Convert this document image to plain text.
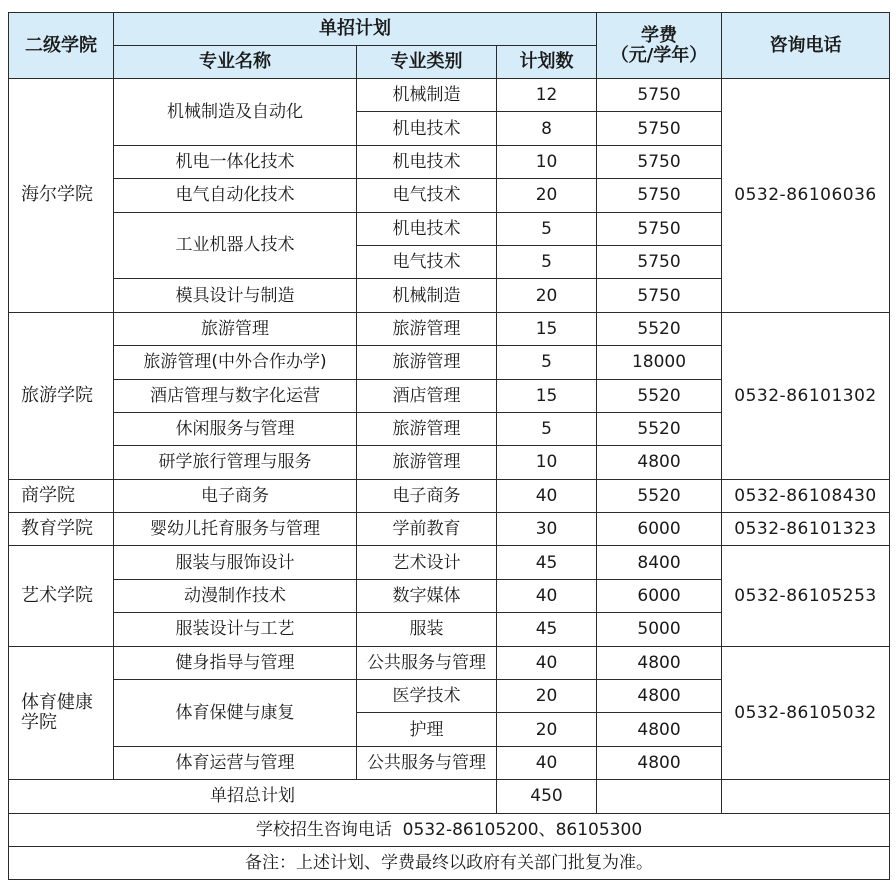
二级学院	单招计划			学费
（元/学年）	咨询电话
	专业名称	专业类别	计划数		
海尔学院	机械制造及自动化	机械制造	12	5750	0532-86106036
		机电技术	8	5750	
	机电一体化技术	机电技术	10	5750	
	电气自动化技术	电气技术	20	5750	
	工业机器人技术	机电技术	5	5750	
		电气技术	5	5750	
	模具设计与制造	机械制造	20	5750	
旅游学院	旅游管理	旅游管理	15	5520	0532-86101302
	旅游管理(中外合作办学)	旅游管理	5	18000	
	酒店管理与数字化运营	酒店管理	15	5520	
	休闲服务与管理	旅游管理	5	5520	
	研学旅行管理与服务	旅游管理	10	4800	
商学院	电子商务	电子商务	40	5520	0532-86108430
教育学院	婴幼儿托育服务与管理	学前教育	30	6000	0532-86101323
艺术学院	服装与服饰设计	艺术设计	45	8400	0532-86105253
	动漫制作技术	数字媒体	40	6000	
	服装设计与工艺	服装	45	5000	
体育健康
学院	健身指导与管理	公共服务与管理	40	4800	0532-86105032
	体育保健与康复	医学技术	20	4800	
		护理	20	4800	
	体育运营与管理	公共服务与管理	40	4800	
单招总计划			450		
学校招生咨询电话  0532-86105200、86105300					
备注：上述计划、学费最终以政府有关部门批复为准。					
